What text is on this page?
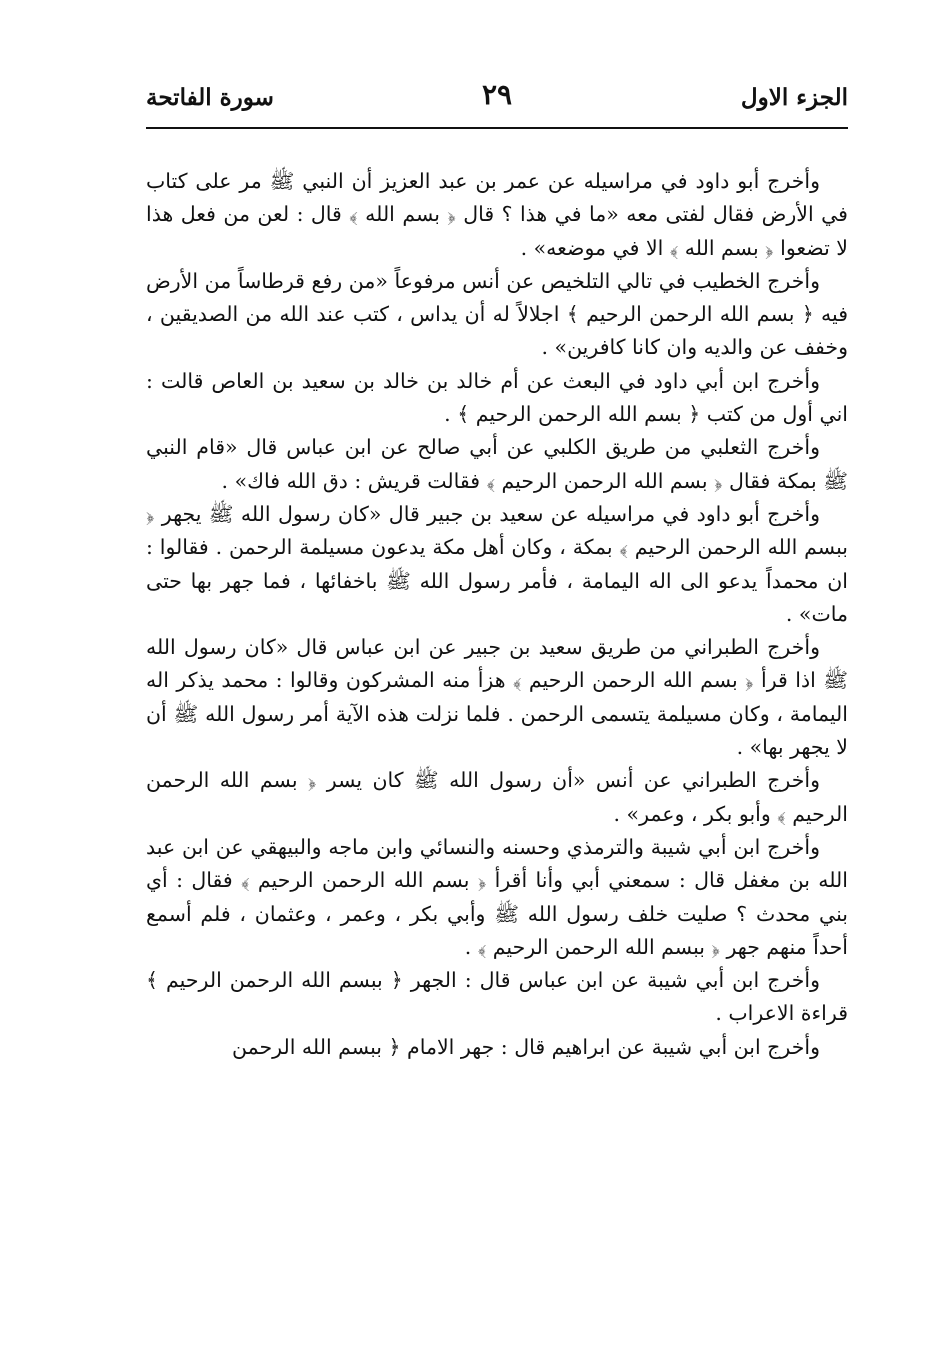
الجزء الاول
٢٩
سورة الفاتحة

وأخرج أبو داود في مراسيله عن عمر بن عبد العزيز أن النبي ﷺ مر على كتاب في الأرض فقال لفتى معه «ما في هذا ؟ قال ﴿ بسم الله ﴾ قال : لعن من فعل هذا لا تضعوا ﴿ بسم الله ﴾ الا في موضعه» .

وأخرج الخطيب في تالي التلخيص عن أنس مرفوعاً «من رفع قرطاساً من الأرض فيه ﴿ بسم الله الرحمن الرحيم ﴾ اجلالاً له أن يداس ، كتب عند الله من الصديقين ، وخفف عن والديه وان كانا كافرين» .

وأخرج ابن أبي داود في البعث عن أم خالد بن خالد بن سعيد بن العاص قالت : اني أول من كتب ﴿ بسم الله الرحمن الرحيم ﴾ .

وأخرج الثعلبي من طريق الكلبي عن أبي صالح عن ابن عباس قال «قام النبي ﷺ بمكة فقال ﴿ بسم الله الرحمن الرحيم ﴾ فقالت قريش : دق الله فاك» .

وأخرج أبو داود في مراسيله عن سعيد بن جبير قال «كان رسول الله ﷺ يجهر ﴿ ببسم الله الرحمن الرحيم ﴾ بمكة ، وكان أهل مكة يدعون مسيلمة الرحمن . فقالوا : ان محمداً يدعو الى اله اليمامة ، فأمر رسول الله ﷺ باخفائها ، فما جهر بها حتى مات» .

وأخرج الطبراني من طريق سعيد بن جبير عن ابن عباس قال «كان رسول الله ﷺ اذا قرأ ﴿ بسم الله الرحمن الرحيم ﴾ هزأ منه المشركون وقالوا : محمد يذكر اله اليمامة ، وكان مسيلمة يتسمى الرحمن . فلما نزلت هذه الآية أمر رسول الله ﷺ أن لا يجهر بها» .

وأخرج الطبراني عن أنس «أن رسول الله ﷺ كان يسر ﴿ بسم الله الرحمن الرحيم ﴾ وأبو بكر ، وعمر» .

وأخرج ابن أبي شيبة والترمذي وحسنه والنسائي وابن ماجه والبيهقي عن ابن عبد الله بن مغفل قال : سمعني أبي وأنا أقرأ ﴿ بسم الله الرحمن الرحيم ﴾ فقال : أي بني محدث ؟ صليت خلف رسول الله ﷺ وأبي بكر ، وعمر ، وعثمان ، فلم أسمع أحداً منهم جهر ﴿ ببسم الله الرحمن الرحيم ﴾ .

وأخرج ابن أبي شيبة عن ابن عباس قال : الجهر ﴿ ببسم الله الرحمن الرحيم ﴾ قراءة الاعراب .

وأخرج ابن أبي شيبة عن ابراهيم قال : جهر الامام ﴿ ببسم الله الرحمن
